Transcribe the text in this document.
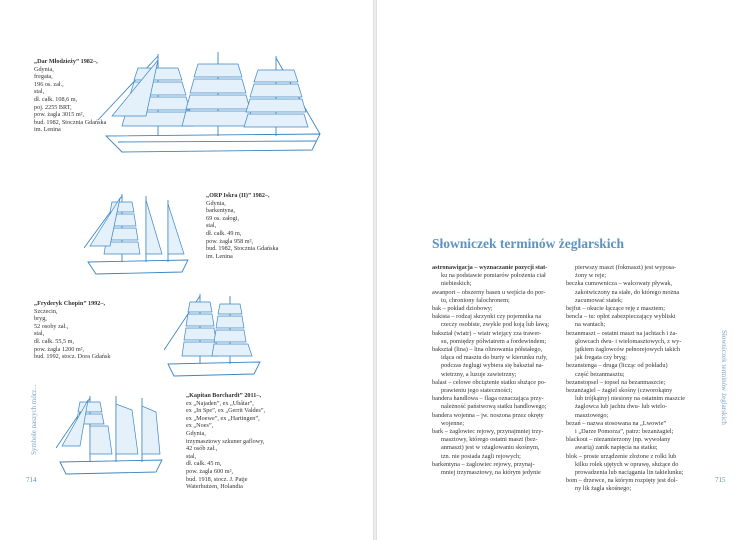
„Dar Młodzieży” 1982–,
Gdynia,
fregata,
196 os. zał.,
stal,
dł. całk. 108,6 m,
poj. 2255 BRT,
pow. żagla 3015 m²,
bud. 1982, Stocznia Gdańska
im. Lenina
„ORP Iskra (II)” 1982–,
Gdynia,
barkentyna,
69 os. załogi,
stal,
dł. całk. 49 m,
pow. żagla 958 m²,
bud. 1982, Stocznia Gdańska
im. Lenina
„Fryderyk Chopin” 1992–,
Szczecin,
bryg,
52 osoby zał.,
stal,
dł. całk. 55,5 m,
pow. żagla 1200 m²,
bud. 1992, stocz. Dora Gdańsk
„Kapitan Borchardt” 2011–,
ex „Najaden”, ex „Ubåtar”,
ex „In Spe”, ex „Gerrit Valdes”,
ex „Moewe”, ex „Hartingen”,
ex „Noes”,
Gdynia,
trzymasztowy szkuner gaflowy,
42 osób zał.,
stal,
dł. całk. 45 m,
pow. żagla 600 m²,
bud. 1918, stocz. J. Patje
Waterhuizen, Holandia
Symbole naszych mórz...
714
Słowniczek terminów żeglarskich
715
Słowniczek terminów żeglarskich
astronawigacja – wyznaczanie pozycji stat-
ku na podstawie pomiarów położenia ciał
niebieskich;
awanport – obszerny basen u wejścia do por-
tu, chroniony falochronem;
bak – pokład dziobowy;
bakista – rodzaj skrzynki czy pojemnika na
rzeczy osobiste, zwykle pod koją lub ławą;
bakształ (wiatr) – wiatr wiejący zza trawer-
su, pomiędzy półwiatrem a fordewindem;
bakształ (lina) – lina olinowania półstałego,
idąca od masztu do burty w kierunku rufy,
podczas żeglugi wybiera się bakształ na-
wietrzny, a luzuje zawietrzny;
balast – celowe obciążenie statku służące po-
prawieniu jego stateczności;
bandera handlowa – flaga oznaczająca przy-
należność państwową statku handlowego;
bandera wojenna – jw. noszona przez okręty
wojenne;
bark – żaglowiec rejowy, przynajmniej trzy-
masztowy, którego ostatni maszt (bez-
anmaszt) jest w ożaglowaniu skośnym,
tzn. nie posiada żagli rejowych;
barkentyna – żaglowiec rejowy, przynaj-
mniej trzymasztowy, na którym jedynie
pierwszy maszt (fokmaszt) jest wyposa-
żony w reje;
beczka cumownicza – walcowaty pływak,
zakotwiczony na stałe, do którego można
zacumować statek;
bejfut – okucie łączące reję z masztem;
bencla – tu: opłot zabezpieczający wybliski
na wantach;
bezanmaszt – ostatni maszt na jachtach i ża-
glowcach dwu- i wielomasztowych, z wy-
jątkiem żaglowców pełnorejowych takich
jak fregata czy bryg;
bezanstenga – druga (licząc od pokładu)
część bezanmasztu;
bezanstopsel – topsel na bezanmaszcie;
bezanżagiel – żagiel skośny (czworokątny
lub trójkątny) niesiony na ostatnim maszcie
żaglowca lub jachtu dwu- lub wielo-
masztowego;
bezań – nazwa stosowana na „Lwowie”
i „Darze Pomorza”, patrz: bezanżagiel;
blackout – niezamierzony (np. wywołany
awarią) zanik napięcia na statku;
blok – proste urządzenie złożone z rolki lub
kilku rolek ujętych w oprawę, służące do
prowadzenia lub naciągania lin takielunku;
bom – drzewce, na którym rozpięty jest dol-
ny lik żagla skośnego;
